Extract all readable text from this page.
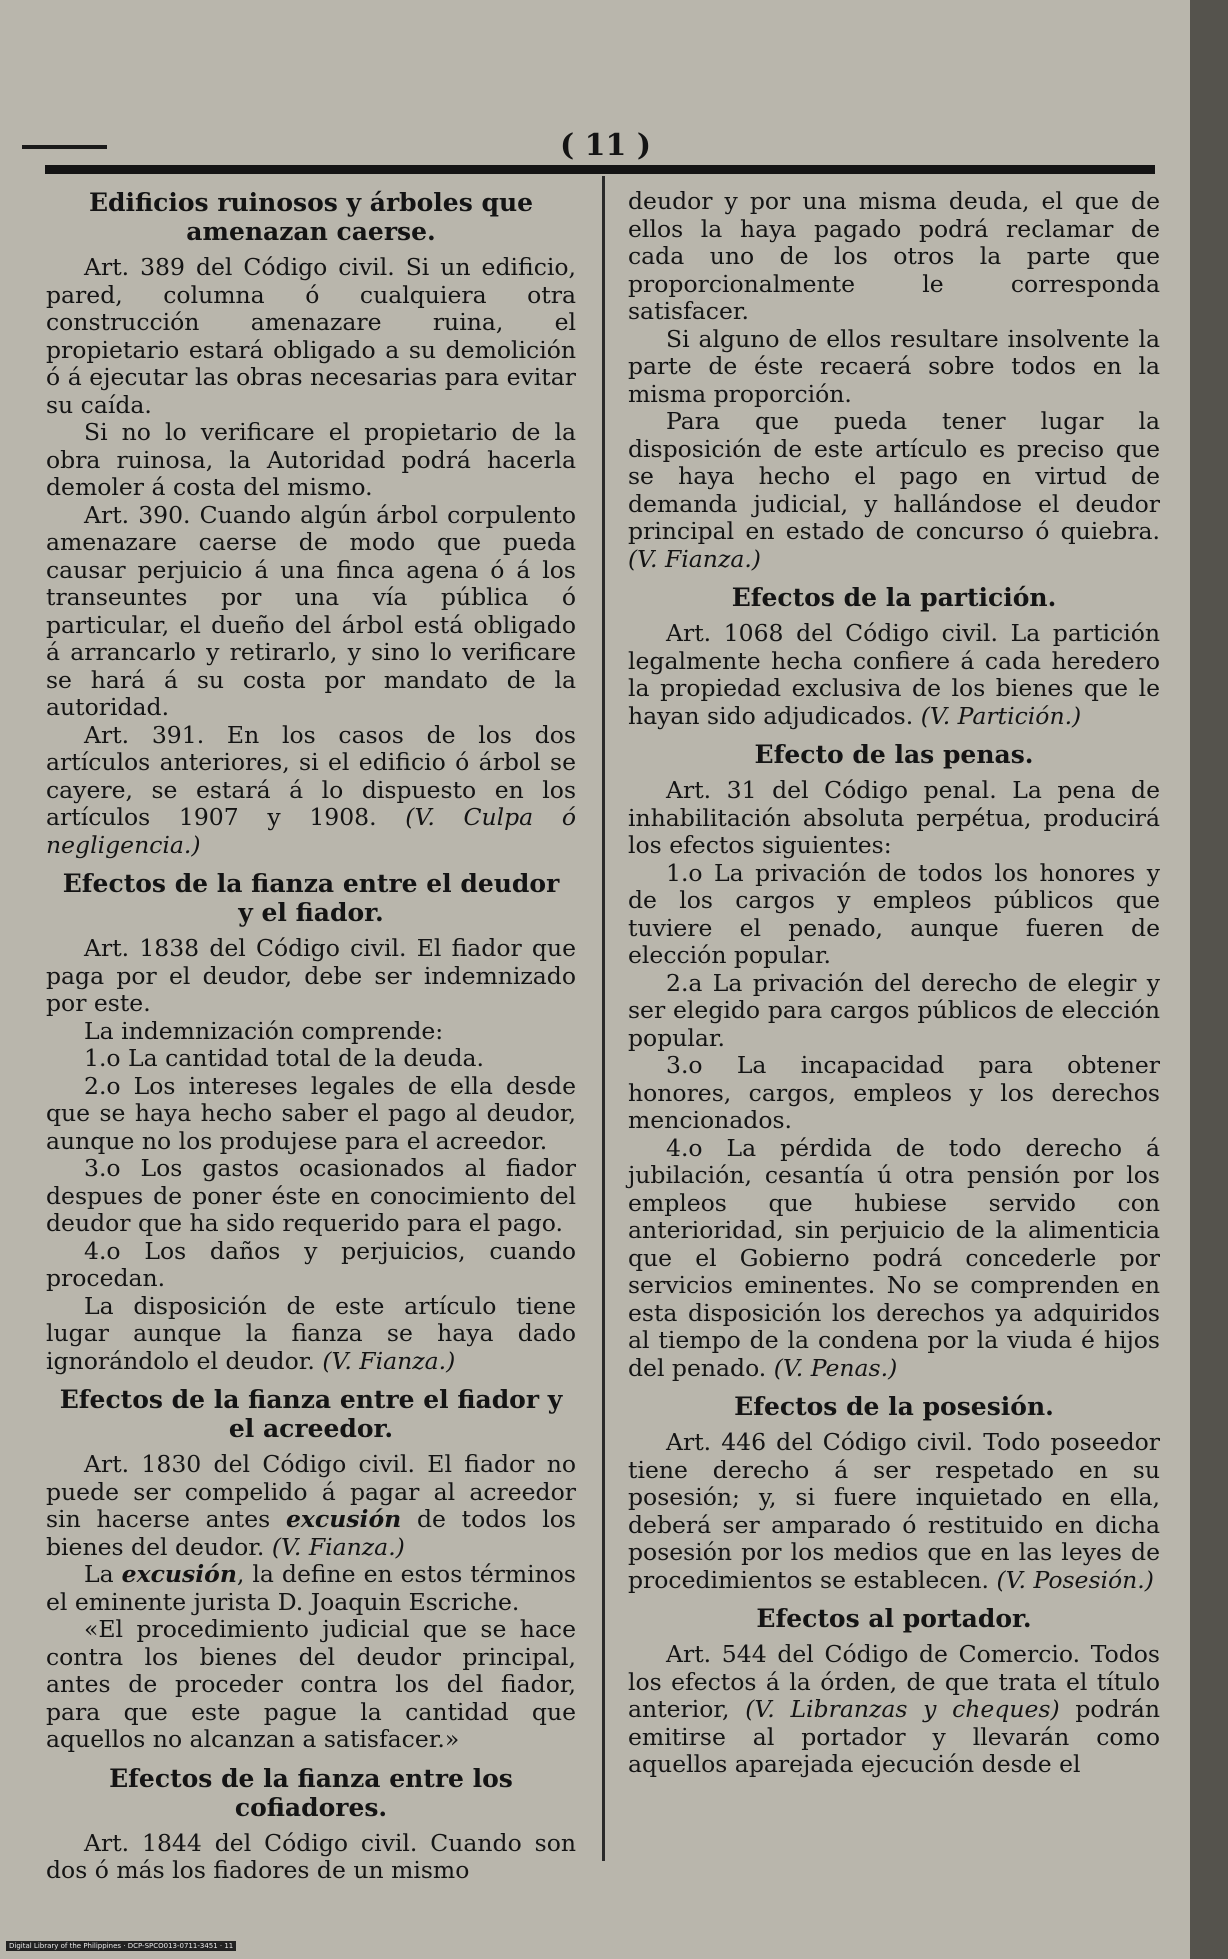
( 11 )
Edificios ruinosos y árboles que amenazan caerse.

Art. 389 del Código civil. Si un edificio, pared, columna ó cualquiera otra construcción amenazare ruina, el propietario estará obligado a su demolición ó á ejecutar las obras necesarias para evitar su caída.

Si no lo verificare el propietario de la obra ruinosa, la Autoridad podrá hacerla demoler á costa del mismo.

Art. 390. Cuando algún árbol corpulento amenazare caerse de modo que pueda causar perjuicio á una finca agena ó á los transeuntes por una vía pública ó particular, el dueño del árbol está obligado á arrancarlo y retirarlo, y sino lo verificare se hará á su costa por mandato de la autoridad.

Art. 391. En los casos de los dos artículos anteriores, si el edificio ó árbol se cayere, se estará á lo dispuesto en los artículos 1907 y 1908. (V. Culpa ó negligencia.)

Efectos de la fianza entre el deudor y el fiador.

Art. 1838 del Código civil. El fiador que paga por el deudor, debe ser indemnizado por este.

La indemnización comprende:

1.o La cantidad total de la deuda.

2.o Los intereses legales de ella desde que se haya hecho saber el pago al deudor, aunque no los produjese para el acreedor.

3.o Los gastos ocasionados al fiador despues de poner éste en conocimiento del deudor que ha sido requerido para el pago.

4.o Los daños y perjuicios, cuando procedan.

La disposición de este artículo tiene lugar aunque la fianza se haya dado ignorándolo el deudor. (V. Fianza.)

Efectos de la fianza entre el fiador y el acreedor.

Art. 1830 del Código civil. El fiador no puede ser compelido á pagar al acreedor sin hacerse antes excusión de todos los bienes del deudor. (V. Fianza.)

La excusión, la define en estos términos el eminente jurista D. Joaquin Escriche.

«El procedimiento judicial que se hace contra los bienes del deudor principal, antes de proceder contra los del fiador, para que este pague la cantidad que aquellos no alcanzan a satisfacer.»

Efectos de la fianza entre los cofiadores.

Art. 1844 del Código civil. Cuando son dos ó más los fiadores de un mismo

deudor y por una misma deuda, el que de ellos la haya pagado podrá reclamar de cada uno de los otros la parte que proporcionalmente le corresponda satisfacer.

Si alguno de ellos resultare insolvente la parte de éste recaerá sobre todos en la misma proporción.

Para que pueda tener lugar la disposición de este artículo es preciso que se haya hecho el pago en virtud de demanda judicial, y hallándose el deudor principal en estado de concurso ó quiebra. (V. Fianza.)

Efectos de la partición.

Art. 1068 del Código civil. La partición legalmente hecha confiere á cada heredero la propiedad exclusiva de los bienes que le hayan sido adjudicados. (V. Partición.)

Efecto de las penas.

Art. 31 del Código penal. La pena de inhabilitación absoluta perpétua, producirá los efectos siguientes:

1.o La privación de todos los honores y de los cargos y empleos públicos que tuviere el penado, aunque fueren de elección popular.

2.a La privación del derecho de elegir y ser elegido para cargos públicos de elección popular.

3.o La incapacidad para obtener honores, cargos, empleos y los derechos mencionados.

4.o La pérdida de todo derecho á jubilación, cesantía ú otra pensión por los empleos que hubiese servido con anterioridad, sin perjuicio de la alimenticia que el Gobierno podrá concederle por servicios eminentes. No se comprenden en esta disposición los derechos ya adquiridos al tiempo de la condena por la viuda é hijos del penado. (V. Penas.)

Efectos de la posesión.

Art. 446 del Código civil. Todo poseedor tiene derecho á ser respetado en su posesión; y, si fuere inquietado en ella, deberá ser amparado ó restituido en dicha posesión por los medios que en las leyes de procedimientos se establecen. (V. Posesión.)

Efectos al portador.

Art. 544 del Código de Comercio. Todos los efectos á la órden, de que trata el título anterior, (V. Libranzas y cheques) podrán emitirse al portador y llevarán como aquellos aparejada ejecución desde el

Digital Library of the Philippines · DCP-SPCO013-0711-3451 · 11
